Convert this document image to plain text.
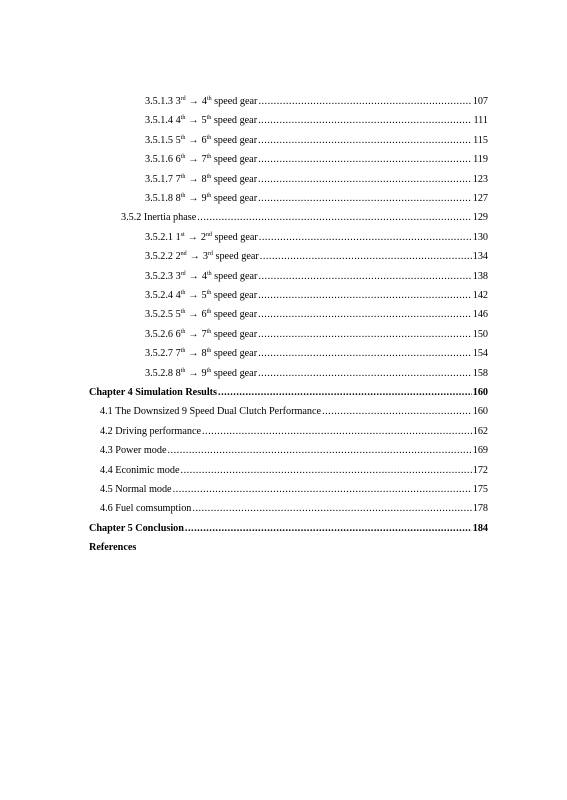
3.5.1.3 3rd → 4th speed gear .....	107
3.5.1.4 4th → 5th speed gear .....	111
3.5.1.5 5th → 6th speed gear .....	115
3.5.1.6 6th → 7th speed gear .....	119
3.5.1.7 7th → 8th speed gear .....	123
3.5.1.8 8th → 9th speed gear .....	127
3.5.2 Inertia phase .....	129
3.5.2.1 1st → 2nd speed gear .....	130
3.5.2.2 2nd → 3rd speed gear .....	134
3.5.2.3 3rd → 4th speed gear .....	138
3.5.2.4 4th → 5th speed gear .....	142
3.5.2.5 5th → 6th speed gear .....	146
3.5.2.6 6th → 7th speed gear .....	150
3.5.2.7 7th → 8th speed gear .....	154
3.5.2.8 8th → 9th speed gear .....	158
Chapter 4 Simulation Results .....	160
4.1 The Downsized 9 Speed Dual Clutch Performance .....	160
4.2 Driving performance .....	162
4.3 Power mode .....	169
4.4 Econimic mode .....	172
4.5 Normal mode .....	175
4.6 Fuel comsumption .....	178
Chapter 5 Conclusion .....	184
References
